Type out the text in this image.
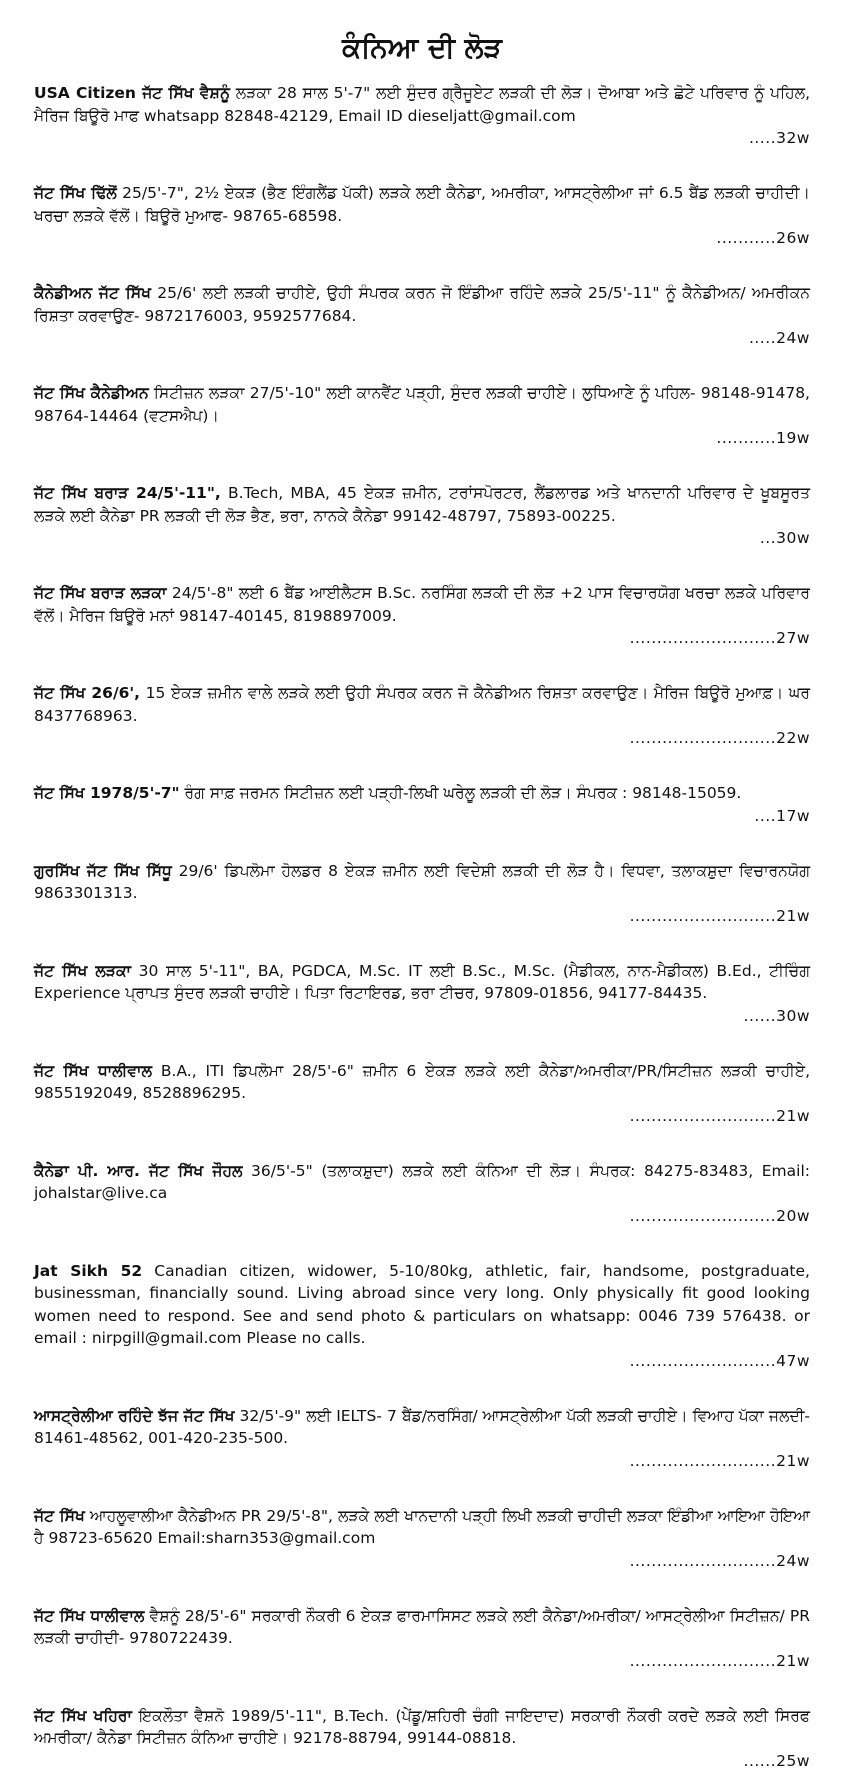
ਕੰਨਿਆ ਦੀ ਲੋੜ

USA Citizen ਜੱਟ ਸਿੱਖ ਵੈਸ਼ਨੂੰ ਲੜਕਾ 28 ਸਾਲ 5'-7" ਲਈ ਸੁੰਦਰ ਗ੍ਰੈਜੂਏਟ ਲੜਕੀ ਦੀ ਲੋੜ। ਦੋਆਬਾ ਅਤੇ ਛੋਟੇ ਪਰਿਵਾਰ ਨੂੰ ਪਹਿਲ, ਮੈਰਿਜ ਬਿਊਰੋ ਮਾਫ whatsapp 82848-42129, Email ID dieseljatt@gmail.com
.....32w

ਜੱਟ ਸਿੱਖ ਢਿੱਲੋਂ 25/5'-7", 2½ ਏਕੜ (ਭੈਣ ਇੰਗਲੈਂਡ ਪੱਕੀ) ਲੜਕੇ ਲਈ ਕੈਨੇਡਾ, ਅਮਰੀਕਾ, ਆਸਟ੍ਰੇਲੀਆ ਜਾਂ 6.5 ਬੈਂਡ ਲੜਕੀ ਚਾਹੀਦੀ। ਖਰਚਾ ਲੜਕੇ ਵੱਲੋਂ। ਬਿਊਰੋ ਮੁਆਫ- 98765-68598.
...........26w

ਕੈਨੇਡੀਅਨ ਜੱਟ ਸਿੱਖ 25/6' ਲਈ ਲੜਕੀ ਚਾਹੀਏ, ਉਹੀ ਸੰਪਰਕ ਕਰਨ ਜੋ ਇੰਡੀਆ ਰਹਿੰਦੇ ਲੜਕੇ 25/5'-11" ਨੂੰ ਕੈਨੇਡੀਅਨ/ ਅਮਰੀਕਨ ਰਿਸ਼ਤਾ ਕਰਵਾਉਣ- 9872176003, 9592577684.
.....24w

ਜੱਟ ਸਿੱਖ ਕੈਨੇਡੀਅਨ ਸਿਟੀਜ਼ਨ ਲੜਕਾ 27/5'-10" ਲਈ ਕਾਨਵੈਂਟ ਪੜ੍ਹੀ, ਸੁੰਦਰ ਲੜਕੀ ਚਾਹੀਏ। ਲੁਧਿਆਣੇ ਨੂੰ ਪਹਿਲ- 98148-91478, 98764-14464 (ਵਟਸਐਪ)।
...........19w

ਜੱਟ ਸਿੱਖ ਬਰਾੜ 24/5'-11", B.Tech, MBA, 45 ਏਕੜ ਜ਼ਮੀਨ, ਟਰਾਂਸਪੋਰਟਰ, ਲੈਂਡਲਾਰਡ ਅਤੇ ਖਾਨਦਾਨੀ ਪਰਿਵਾਰ ਦੇ ਖੂਬਸੂਰਤ ਲੜਕੇ ਲਈ ਕੈਨੇਡਾ PR ਲੜਕੀ ਦੀ ਲੋੜ ਭੈਣ, ਭਰਾ, ਨਾਨਕੇ ਕੈਨੇਡਾ 99142-48797, 75893-00225.
...30w

ਜੱਟ ਸਿੱਖ ਬਰਾੜ ਲੜਕਾ 24/5'-8" ਲਈ 6 ਬੈਂਡ ਆਈਲੈਟਸ B.Sc. ਨਰਸਿੰਗ ਲੜਕੀ ਦੀ ਲੋੜ +2 ਪਾਸ ਵਿਚਾਰਯੋਗ ਖਰਚਾ ਲੜਕੇ ਪਰਿਵਾਰ ਵੱਲੋਂ। ਮੈਰਿਜ ਬਿਊਰੋ ਮਨਾਂ 98147-40145, 8198897009.
...........................27w

ਜੱਟ ਸਿੱਖ 26/6', 15 ਏਕੜ ਜ਼ਮੀਨ ਵਾਲੇ ਲੜਕੇ ਲਈ ਉਹੀ ਸੰਪਰਕ ਕਰਨ ਜੋ ਕੈਨੇਡੀਅਨ ਰਿਸ਼ਤਾ ਕਰਵਾਉਣ। ਮੈਰਿਜ ਬਿਊਰੋ ਮੁਆਫ਼। ਘਰ 8437768963.
...........................22w

ਜੱਟ ਸਿੱਖ 1978/5'-7" ਰੰਗ ਸਾਫ਼ ਜਰਮਨ ਸਿਟੀਜ਼ਨ ਲਈ ਪੜ੍ਹੀ-ਲਿਖੀ ਘਰੇਲੂ ਲੜਕੀ ਦੀ ਲੋੜ। ਸੰਪਰਕ : 98148-15059.
....17w

ਗੁਰਸਿੱਖ ਜੱਟ ਸਿੱਖ ਸਿੱਧੂ 29/6' ਡਿਪਲੋਮਾ ਹੋਲਡਰ 8 ਏਕੜ ਜ਼ਮੀਨ ਲਈ ਵਿਦੇਸ਼ੀ ਲੜਕੀ ਦੀ ਲੋੜ ਹੈ। ਵਿਧਵਾ, ਤਲਾਕਸ਼ੁਦਾ ਵਿਚਾਰਨਯੋਗ 9863301313.
...........................21w

ਜੱਟ ਸਿੱਖ ਲੜਕਾ 30 ਸਾਲ 5'-11", BA, PGDCA, M.Sc. IT ਲਈ B.Sc., M.Sc. (ਮੈਡੀਕਲ, ਨਾਨ-ਮੈਡੀਕਲ) B.Ed., ਟੀਚਿੰਗ Experience ਪ੍ਰਾਪਤ ਸੁੰਦਰ ਲੜਕੀ ਚਾਹੀਏ। ਪਿਤਾ ਰਿਟਾਇਰਡ, ਭਰਾ ਟੀਚਰ, 97809-01856, 94177-84435.
......30w

ਜੱਟ ਸਿੱਖ ਧਾਲੀਵਾਲ B.A., ITI ਡਿਪਲੋਮਾ 28/5'-6" ਜ਼ਮੀਨ 6 ਏਕੜ ਲੜਕੇ ਲਈ ਕੈਨੇਡਾ/ਅਮਰੀਕਾ/PR/ਸਿਟੀਜ਼ਨ ਲੜਕੀ ਚਾਹੀਏ, 9855192049, 8528896295.
...........................21w

ਕੈਨੇਡਾ ਪੀ. ਆਰ. ਜੱਟ ਸਿੱਖ ਜੌਹਲ 36/5'-5" (ਤਲਾਕਸ਼ੁਦਾ) ਲੜਕੇ ਲਈ ਕੰਨਿਆ ਦੀ ਲੋੜ। ਸੰਪਰਕ: 84275-83483, Email: johalstar@live.ca
...........................20w

Jat Sikh 52 Canadian citizen, widower, 5-10/80kg, athletic, fair, handsome, postgraduate, businessman, financially sound. Living abroad since very long. Only physically fit good looking women need to respond. See and send photo & particulars on whatsapp: 0046 739 576438. or email : nirpgill@gmail.com Please no calls.
...........................47w

ਆਸਟ੍ਰੇਲੀਆ ਰਹਿੰਦੇ ਝੱਜ ਜੱਟ ਸਿੱਖ 32/5'-9" ਲਈ IELTS- 7 ਬੈਂਡ/ਨਰਸਿੰਗ/ ਆਸਟ੍ਰੇਲੀਆ ਪੱਕੀ ਲੜਕੀ ਚਾਹੀਏ। ਵਿਆਹ ਪੱਕਾ ਜਲਦੀ- 81461-48562, 001-420-235-500.
...........................21w

ਜੱਟ ਸਿੱਖ ਆਹਲੂਵਾਲੀਆ ਕੈਨੇਡੀਅਨ PR 29/5'-8", ਲੜਕੇ ਲਈ ਖਾਨਦਾਨੀ ਪੜ੍ਹੀ ਲਿਖੀ ਲੜਕੀ ਚਾਹੀਦੀ ਲੜਕਾ ਇੰਡੀਆ ਆਇਆ ਹੋਇਆ ਹੈ 98723-65620 Email:sharn353@gmail.com
...........................24w

ਜੱਟ ਸਿੱਖ ਧਾਲੀਵਾਲ ਵੈਸ਼ਨੂੰ 28/5'-6" ਸਰਕਾਰੀ ਨੌਕਰੀ 6 ਏਕੜ ਫਾਰਮਾਸਿਸਟ ਲੜਕੇ ਲਈ ਕੈਨੇਡਾ/ਅਮਰੀਕਾ/ ਆਸਟ੍ਰੇਲੀਆ ਸਿਟੀਜ਼ਨ/ PR ਲੜਕੀ ਚਾਹੀਦੀ- 9780722439.
...........................21w

ਜੱਟ ਸਿੱਖ ਖਹਿਰਾ ਇਕਲੌਤਾ ਵੈਸ਼ਨੋ 1989/5'-11", B.Tech. (ਪੇਂਡੂ/ਸ਼ਹਿਰੀ ਚੰਗੀ ਜਾਇਦਾਦ) ਸਰਕਾਰੀ ਨੌਕਰੀ ਕਰਦੇ ਲੜਕੇ ਲਈ ਸਿਰਫ ਅਮਰੀਕਾ/ ਕੈਨੇਡਾ ਸਿਟੀਜ਼ਨ ਕੰਨਿਆ ਚਾਹੀਏ। 92178-88794, 99144-08818.
......25w
